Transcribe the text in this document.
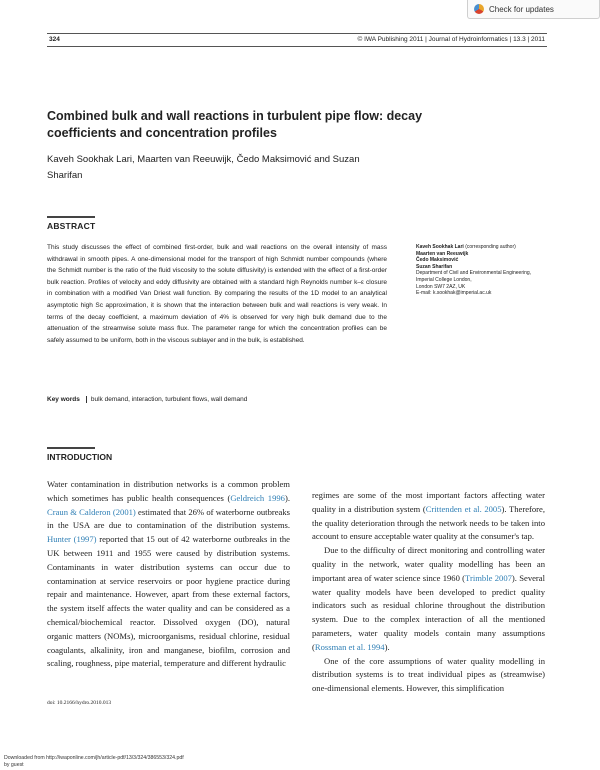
Check for updates
324	© IWA Publishing 2011 | Journal of Hydroinformatics | 13.3 | 2011
Combined bulk and wall reactions in turbulent pipe flow: decay coefficients and concentration profiles
Kaveh Sookhak Lari, Maarten van Reeuwijk, Čedo Maksimović and Suzan Sharifan
ABSTRACT
This study discusses the effect of combined first-order, bulk and wall reactions on the overall intensity of mass withdrawal in smooth pipes. A one-dimensional model for the transport of high Schmidt number compounds (where the Schmidt number is the ratio of the fluid viscosity to the solute diffusivity) is extended with the effect of a first-order bulk reaction. Profiles of velocity and eddy diffusivity are obtained with a standard high Reynolds number k–ε closure in combination with a modified Van Driest wall function. By comparing the results of the 1D model to an analytical asymptotic high Sc approximation, it is shown that the interaction between bulk and wall reactions is very weak. In terms of the decay coefficient, a maximum deviation of 4% is observed for very high bulk demand due to the attenuation of the streamwise solute mass flux. The parameter range for which the concentration profiles can be safely assumed to be uniform, both in the viscous sublayer and in the bulk, is established.
Key words bulk demand, interaction, turbulent flows, wall demand
Kaveh Sookhak Lari (corresponding author)
Maarten van Reeuwijk
Čedo Maksimović
Suzan Sharifan
Department of Civil and Environmental Engineering,
Imperial College London,
London SW7 2AZ, UK
E-mail: k.sookhak@imperial.ac.uk
INTRODUCTION

Water contamination in distribution networks is a common problem which sometimes has public health consequences (Geldreich 1996). Craun & Calderon (2001) estimated that 26% of waterborne outbreaks in the USA are due to contamination of the distribution systems. Hunter (1997) reported that 15 out of 42 waterborne outbreaks in the UK between 1911 and 1955 were caused by distribution systems. Contaminants in water distribution systems can occur due to contamination at service reservoirs or poor hygiene practice during repair and maintenance. However, apart from these external factors, the system itself affects the water quality and can be considered as a chemical/biochemical reactor. Dissolved oxygen (DO), natural organic matters (NOMs), microorganisms, residual chlorine, residual coagulants, alkalinity, iron and manganese, biofilm, corrosion and scaling, roughness, pipe material, temperature and different hydraulic

regimes are some of the most important factors affecting water quality in a distribution system (Crittenden et al. 2005). Therefore, the quality deterioration through the network needs to be taken into account to ensure acceptable water quality at the consumer's tap.

Due to the difficulty of direct monitoring and controlling water quality in the network, water quality modelling has been an important area of water science since 1960 (Trimble 2007). Several water quality models have been developed to predict quality indicators such as residual chlorine throughout the distribution system. Due to the complex interaction of all the mentioned parameters, water quality models contain many assumptions (Rossman et al. 1994).

One of the core assumptions of water quality modelling in distribution systems is to treat individual pipes as (streamwise) one-dimensional elements. However, this simplification

doi: 10.2166/hydro.2010.013
Downloaded from http://iwaponline.com/jh/article-pdf/13/3/324/386553/324.pdf
by guest
